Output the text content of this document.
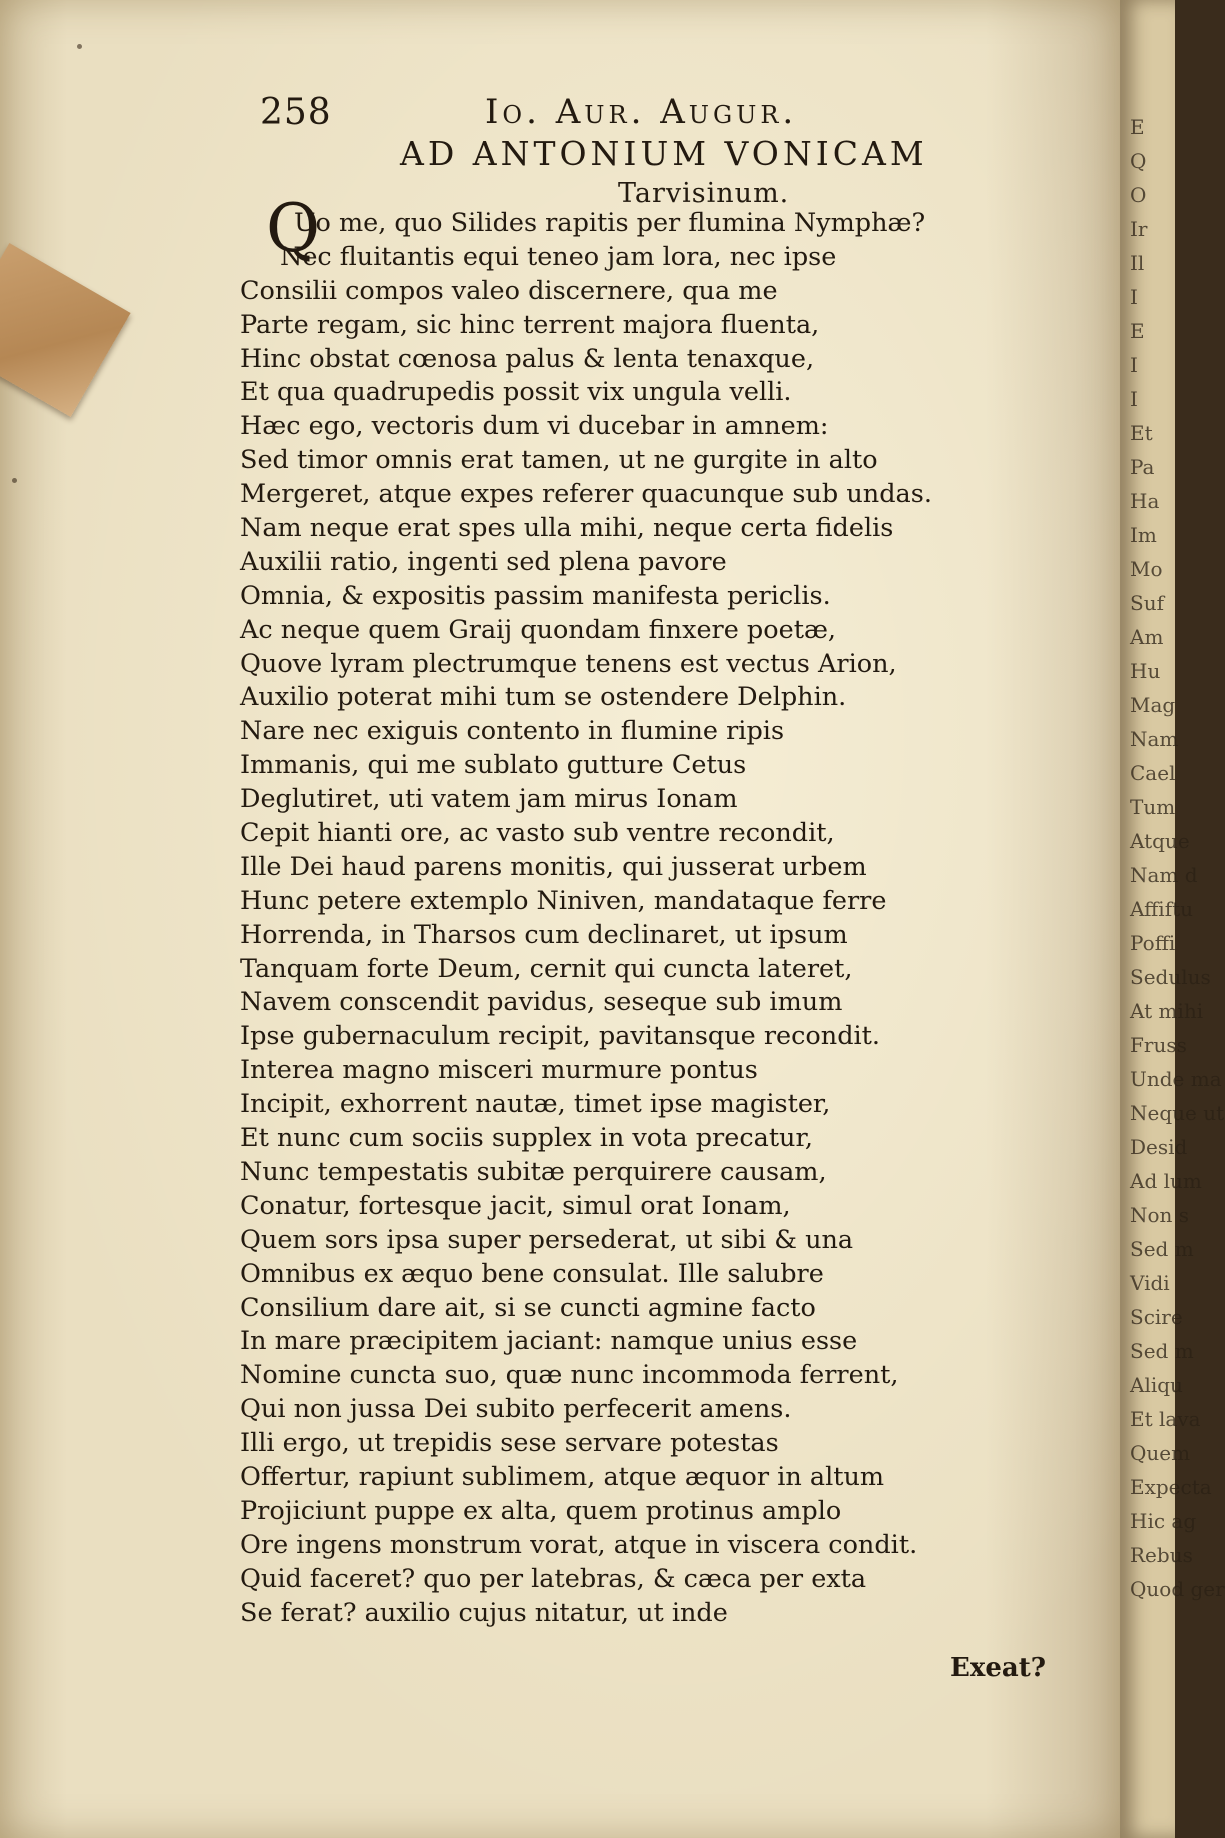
258	Io. Aur. Augur.
AD ANTONIUM VONICAM
Tarvisinum.
Q
Uo me, quo Silides rapitis per flumina Nymphæ?
Nec fluitantis equi teneo jam lora, nec ipse
Consilii compos valeo discernere, qua me
Parte regam, sic hinc terrent majora fluenta,
Hinc obstat cœnosa palus & lenta tenaxque,
Et qua quadrupedis possit vix ungula velli.
Hæc ego, vectoris dum vi ducebar in amnem:
Sed timor omnis erat tamen, ut ne gurgite in alto
Mergeret, atque expes referer quacunque sub undas.
Nam neque erat spes ulla mihi, neque certa fidelis
Auxilii ratio, ingenti sed plena pavore
Omnia, & expositis passim manifesta periclis.
Ac neque quem Graij quondam finxere poetæ,
Quove lyram plectrumque tenens est vectus Arion,
Auxilio poterat mihi tum se ostendere Delphin.
Nare nec exiguis contento in flumine ripis
Immanis, qui me sublato gutture Cetus
Deglutiret, uti vatem jam mirus Ionam
Cepit hianti ore, ac vasto sub ventre recondit,
Ille Dei haud parens monitis, qui jusserat urbem
Hunc petere extemplo Niniven, mandataque ferre
Horrenda, in Tharsos cum declinaret, ut ipsum
Tanquam forte Deum, cernit qui cuncta lateret,
Navem conscendit pavidus, seseque sub imum
Ipse gubernaculum recipit, pavitansque recondit.
Interea magno misceri murmure pontus
Incipit, exhorrent nautæ, timet ipse magister,
Et nunc cum sociis supplex in vota precatur,
Nunc tempestatis subitæ perquirere causam,
Conatur, fortesque jacit, simul orat Ionam,
Quem sors ipsa super persederat, ut sibi & una
Omnibus ex æquo bene consulat. Ille salubre
Consilium dare ait, si se cuncti agmine facto
In mare præcipitem jaciant: namque unius esse
Nomine cuncta suo, quæ nunc incommoda ferrent,
Qui non jussa Dei subito perfecerit amens.
Illi ergo, ut trepidis sese servare potestas
Offertur, rapiunt sublimem, atque æquor in altum
Projiciunt puppe ex alta, quem protinus amplo
Ore ingens monstrum vorat, atque in viscera condit.
Quid faceret? quo per latebras, & cæca per exta
Se ferat? auxilio cujus nitatur, ut inde
Exeat?
E
Q
O
Ir
Il
I
E
I
I
Et
Pa
Ha
Im
Mo
Suf
Am
Hu
Mag
Nam
Cael
Tum
Atque
Nam d
Affiftu
Poffi
Sedulus
At mihi
Fruss
Unde ma
Neque ut
Desid
Ad lum
Non s
Sed m
Vidi
Scire
Sed m
Aliqu
Et lava
Quem
Expecta
Hic ag
Rebus
Quod ger
